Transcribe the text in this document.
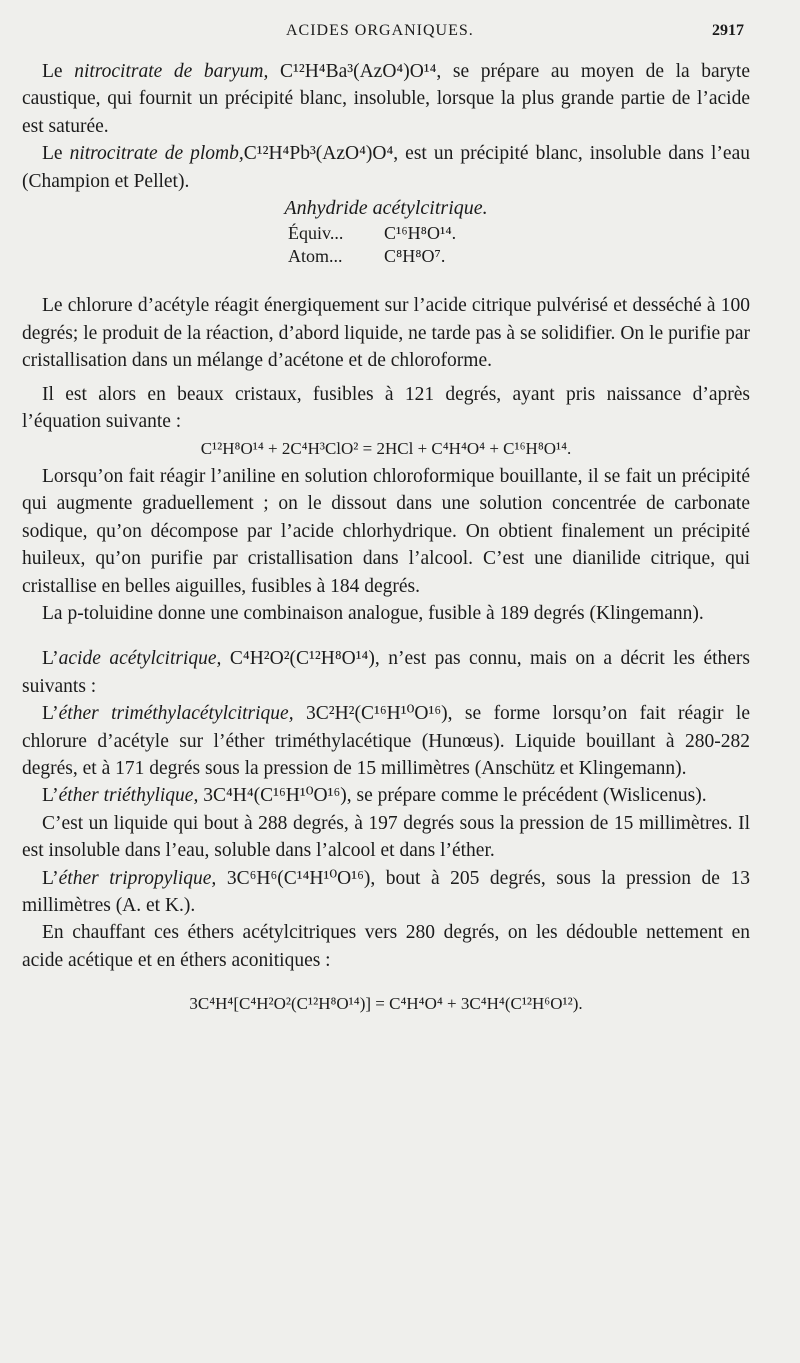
ACIDES ORGANIQUES.	2917

Le nitrocitrate de baryum, C¹²H⁴Ba³(AzO⁴)O¹⁴, se prépare au moyen de la baryte caustique, qui fournit un précipité blanc, insoluble, lorsque la plus grande partie de l’acide est saturée.

Le nitrocitrate de plomb,C¹²H⁴Pb³(AzO⁴)O⁴, est un précipité blanc, insoluble dans l’eau (Champion et Pellet).

Anhydride acétylcitrique.

Équiv... C¹⁶H⁸O¹⁴.
Atom... C⁸H⁸O⁷.

Le chlorure d’acétyle réagit énergiquement sur l’acide citrique pulvérisé et desséché à 100 degrés; le produit de la réaction, d’abord liquide, ne tarde pas à se solidifier. On le purifie par cristallisation dans un mélange d’acétone et de chloroforme.

Il est alors en beaux cristaux, fusibles à 121 degrés, ayant pris naissance d’après l’équation suivante :

C¹²H⁸O¹⁴ + 2C⁴H³ClO² = 2HCl + C⁴H⁴O⁴ + C¹⁶H⁸O¹⁴.

Lorsqu’on fait réagir l’aniline en solution chloroformique bouillante, il se fait un précipité qui augmente graduellement ; on le dissout dans une solution concentrée de carbonate sodique, qu’on décompose par l’acide chlorhydrique. On obtient finalement un précipité huileux, qu’on purifie par cristallisation dans l’alcool. C’est une dianilide citrique, qui cristallise en belles aiguilles, fusibles à 184 degrés.

La p-toluidine donne une combinaison analogue, fusible à 189 degrés (Klingemann).

L’acide acétylcitrique, C⁴H²O²(C¹²H⁸O¹⁴), n’est pas connu, mais on a décrit les éthers suivants :

L’éther triméthylacétylcitrique, 3C²H²(C¹⁶H¹⁰O¹⁶), se forme lorsqu’on fait réagir le chlorure d’acétyle sur l’éther triméthylacétique (Hunœus). Liquide bouillant à 280-282 degrés, et à 171 degrés sous la pression de 15 millimètres (Anschütz et Klingemann).

L’éther triéthylique, 3C⁴H⁴(C¹⁶H¹⁰O¹⁶), se prépare comme le précédent (Wislicenus).

C’est un liquide qui bout à 288 degrés, à 197 degrés sous la pression de 15 millimètres. Il est insoluble dans l’eau, soluble dans l’alcool et dans l’éther.

L’éther tripropylique, 3C⁶H⁶(C¹⁴H¹⁰O¹⁶), bout à 205 degrés, sous la pression de 13 millimètres (A. et K.).

En chauffant ces éthers acétylcitriques vers 280 degrés, on les dédouble nettement en acide acétique et en éthers aconitiques :

3C⁴H⁴[C⁴H²O²(C¹²H⁸O¹⁴)] = C⁴H⁴O⁴ + 3C⁴H⁴(C¹²H⁶O¹²).
